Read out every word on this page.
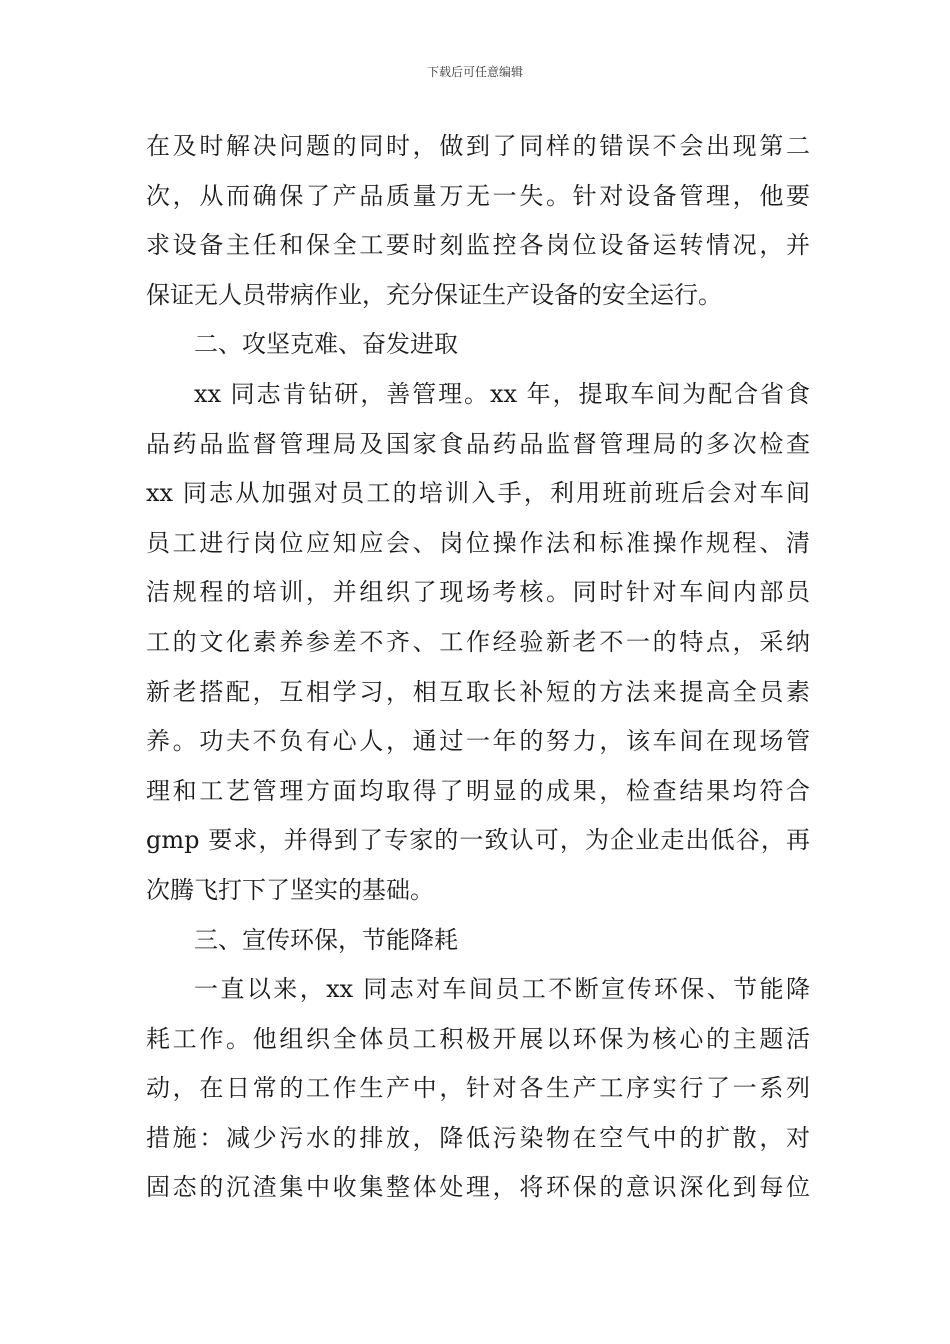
下载后可任意编辑
在及时解决问题的同时，做到了同样的错误不会出现第二
次，从而确保了产品质量万无一失。针对设备管理，他要
求设备主任和保全工要时刻监控各岗位设备运转情况，并
保证无人员带病作业，充分保证生产设备的安全运行。
二、攻坚克难、奋发进取
xx 同志肯钻研，善管理。xx 年，提取车间为配合省食
品药品监督管理局及国家食品药品监督管理局的多次检查
xx 同志从加强对员工的培训入手，利用班前班后会对车间
员工进行岗位应知应会、岗位操作法和标准操作规程、清
洁规程的培训，并组织了现场考核。同时针对车间内部员
工的文化素养参差不齐、工作经验新老不一的特点，采纳
新老搭配，互相学习，相互取长补短的方法来提高全员素
养。功夫不负有心人，通过一年的努力，该车间在现场管
理和工艺管理方面均取得了明显的成果，检查结果均符合
gmp 要求，并得到了专家的一致认可，为企业走出低谷，再
次腾飞打下了坚实的基础。
三、宣传环保，节能降耗
一直以来，xx 同志对车间员工不断宣传环保、节能降
耗工作。他组织全体员工积极开展以环保为核心的主题活
动，在日常的工作生产中，针对各生产工序实行了一系列
措施：减少污水的排放，降低污染物在空气中的扩散，对
固态的沉渣集中收集整体处理，将环保的意识深化到每位
